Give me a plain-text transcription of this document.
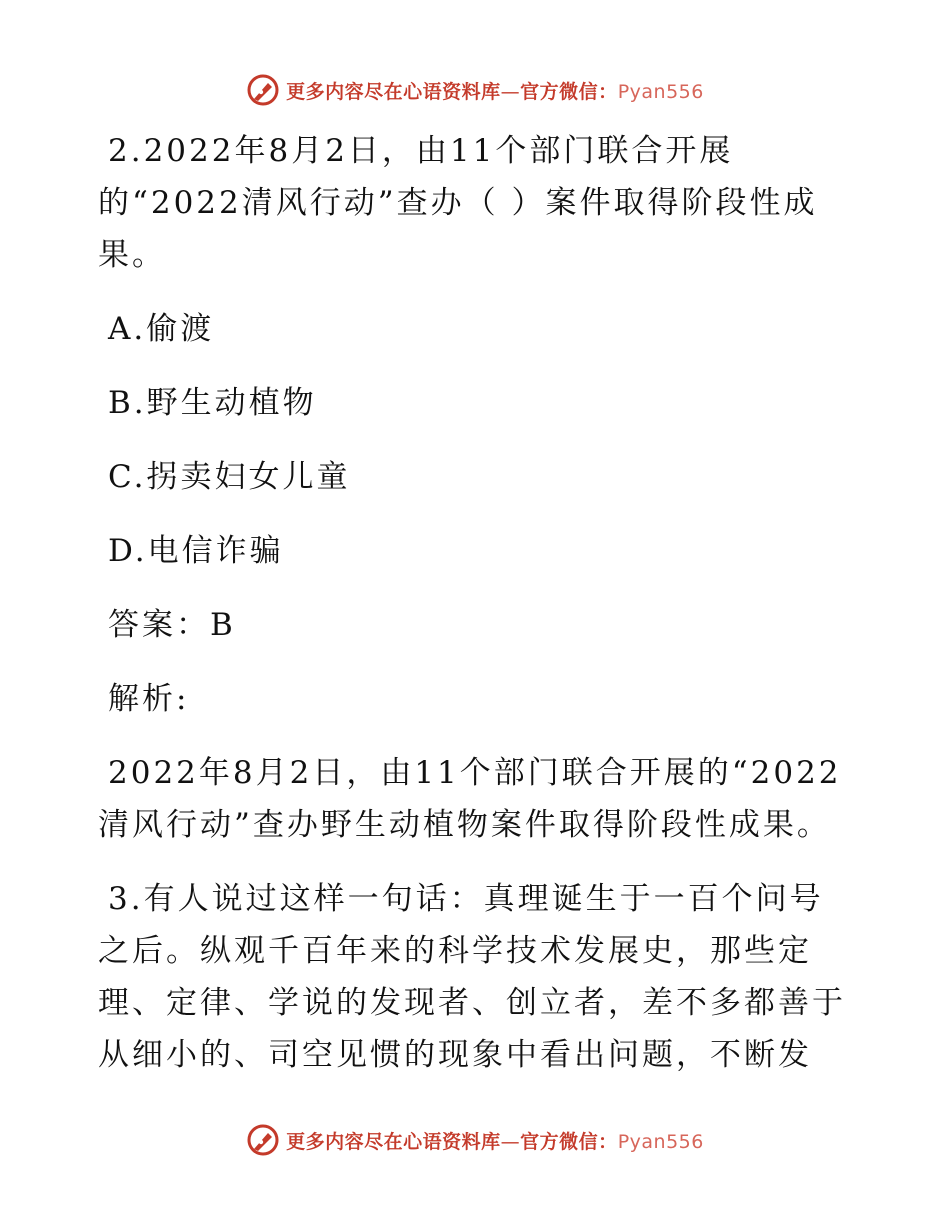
更多内容尽在心语资料库—官方微信：Pyan556

2.2022年8月2日，由11个部门联合开展

的“2022清风行动”查办（ ）案件取得阶段性成

果。

A.偷渡

B.野生动植物

C.拐卖妇女儿童

D.电信诈骗

答案：B

解析:

2022年8月2日，由11个部门联合开展的“2022

清风行动”查办野生动植物案件取得阶段性成果。

3.有人说过这样一句话：真理诞生于一百个问号

之后。纵观千百年来的科学技术发展史，那些定

理、定律、学说的发现者、创立者，差不多都善于

从细小的、司空见惯的现象中看出问题，不断发

更多内容尽在心语资料库—官方微信：Pyan556
